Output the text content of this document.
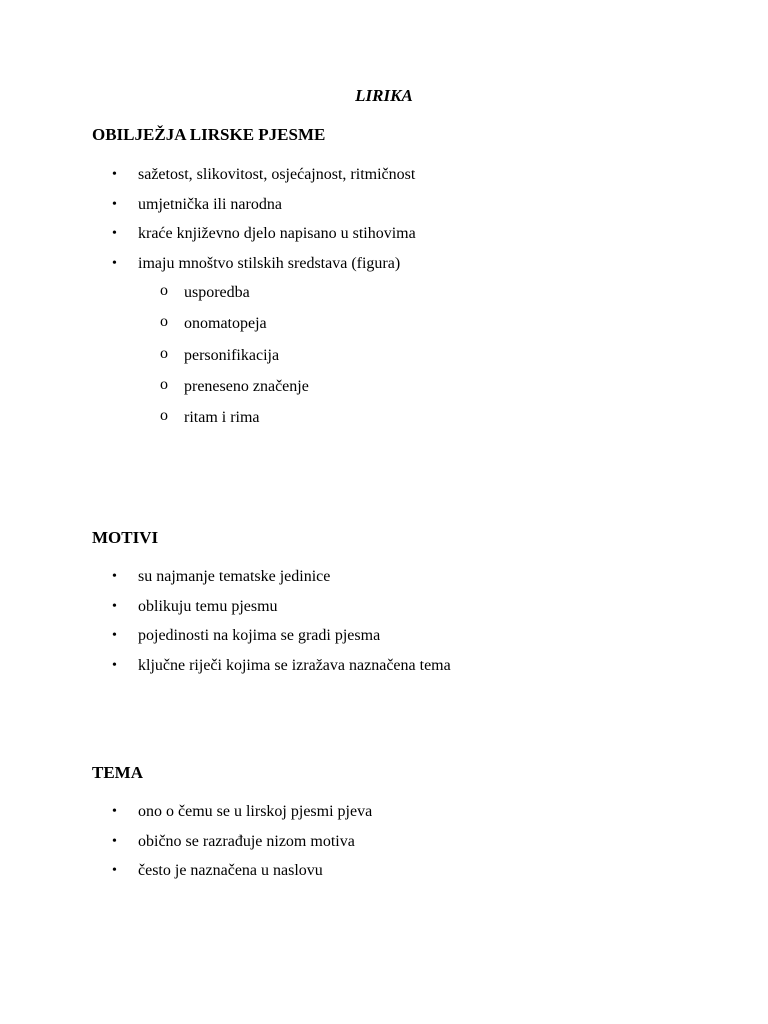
LIRIKA
OBILJEŽJA LIRSKE PJESME
• sažetost, slikovitost, osjećajnost, ritmičnost
• umjetnička ili narodna
• kraće književno djelo napisano u stihovima
• imaju mnoštvo stilskih sredstava (figura)
o usporedba
o onomatopeja
o personifikacija
o preneseno značenje
o ritam i rima
MOTIVI
• su najmanje tematske jedinice
• oblikuju temu pjesmu
• pojedinosti na kojima se gradi pjesma
• ključne riječi kojima se izražava naznačena tema
TEMA
• ono o čemu se u lirskoj pjesmi pjeva
• obično se razrađuje nizom motiva
• često je naznačena u naslovu
